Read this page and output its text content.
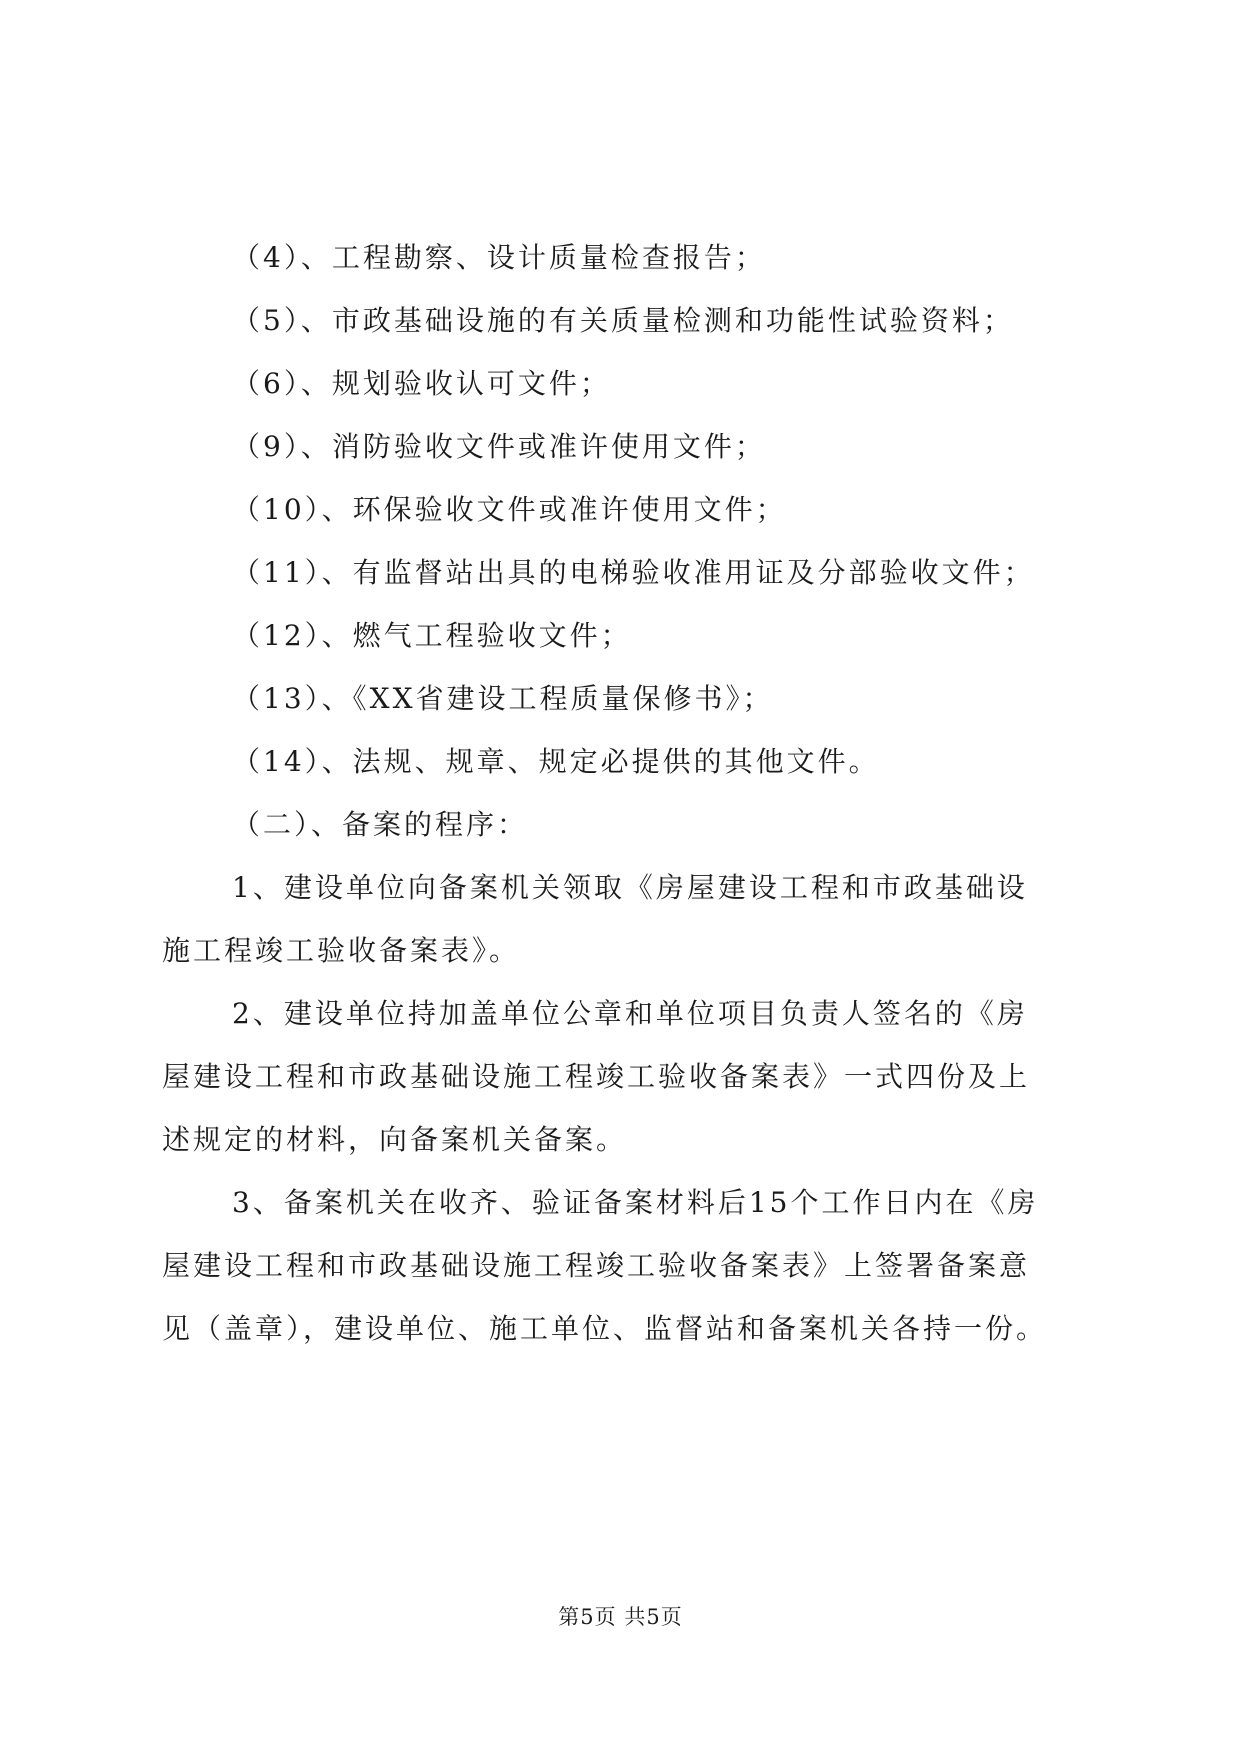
（4）、工程勘察、设计质量检查报告；
（5）、市政基础设施的有关质量检测和功能性试验资料；
（6）、规划验收认可文件；
（9）、消防验收文件或准许使用文件；
（10）、环保验收文件或准许使用文件；
（11）、有监督站出具的电梯验收准用证及分部验收文件；
（12）、燃气工程验收文件；
（13）、《XX省建设工程质量保修书》；
（14）、法规、规章、规定必提供的其他文件。
（二）、备案的程序：
1、建设单位向备案机关领取《房屋建设工程和市政基础设
施工程竣工验收备案表》。
2、建设单位持加盖单位公章和单位项目负责人签名的《房
屋建设工程和市政基础设施工程竣工验收备案表》一式四份及上
述规定的材料，向备案机关备案。
3、备案机关在收齐、验证备案材料后15个工作日内在《房
屋建设工程和市政基础设施工程竣工验收备案表》上签署备案意
见（盖章），建设单位、施工单位、监督站和备案机关各持一份。
第5页 共5页
